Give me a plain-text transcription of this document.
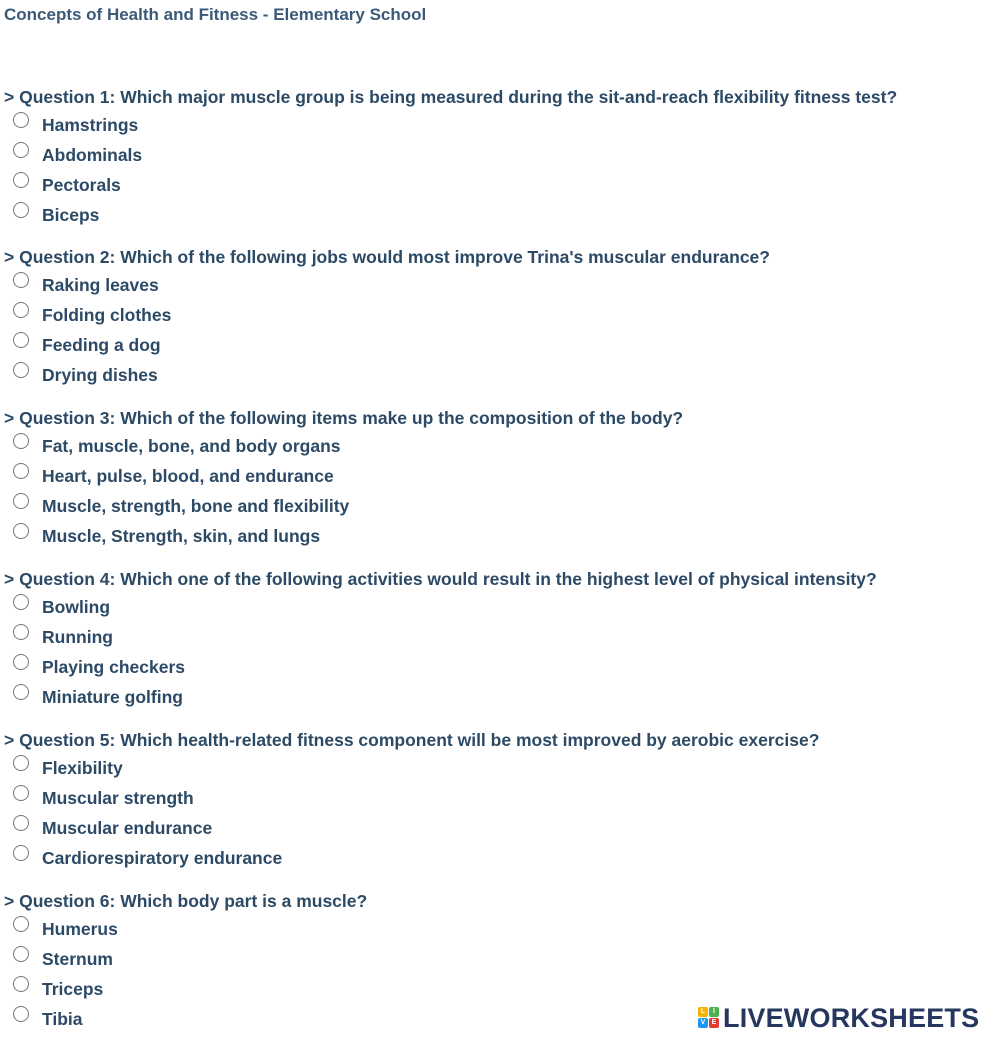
Concepts of Health and Fitness - Elementary School
> Question 1: Which major muscle group is being measured during the sit-and-reach flexibility fitness test?
Hamstrings
Abdominals
Pectorals
Biceps
> Question 2: Which of the following jobs would most improve Trina's muscular endurance?
Raking leaves
Folding clothes
Feeding a dog
Drying dishes
> Question 3: Which of the following items make up the composition of the body?
Fat, muscle, bone, and body organs
Heart, pulse, blood, and endurance
Muscle, strength, bone and flexibility
Muscle, Strength, skin, and lungs
> Question 4: Which one of the following activities would result in the highest level of physical intensity?
Bowling
Running
Playing checkers
Miniature golfing
> Question 5: Which health-related fitness component will be most improved by aerobic exercise?
Flexibility
Muscular strength
Muscular endurance
Cardiorespiratory endurance
> Question 6: Which body part is a muscle?
Humerus
Sternum
Triceps
Tibia	L	I
V E LIVEWORKSHEETS
